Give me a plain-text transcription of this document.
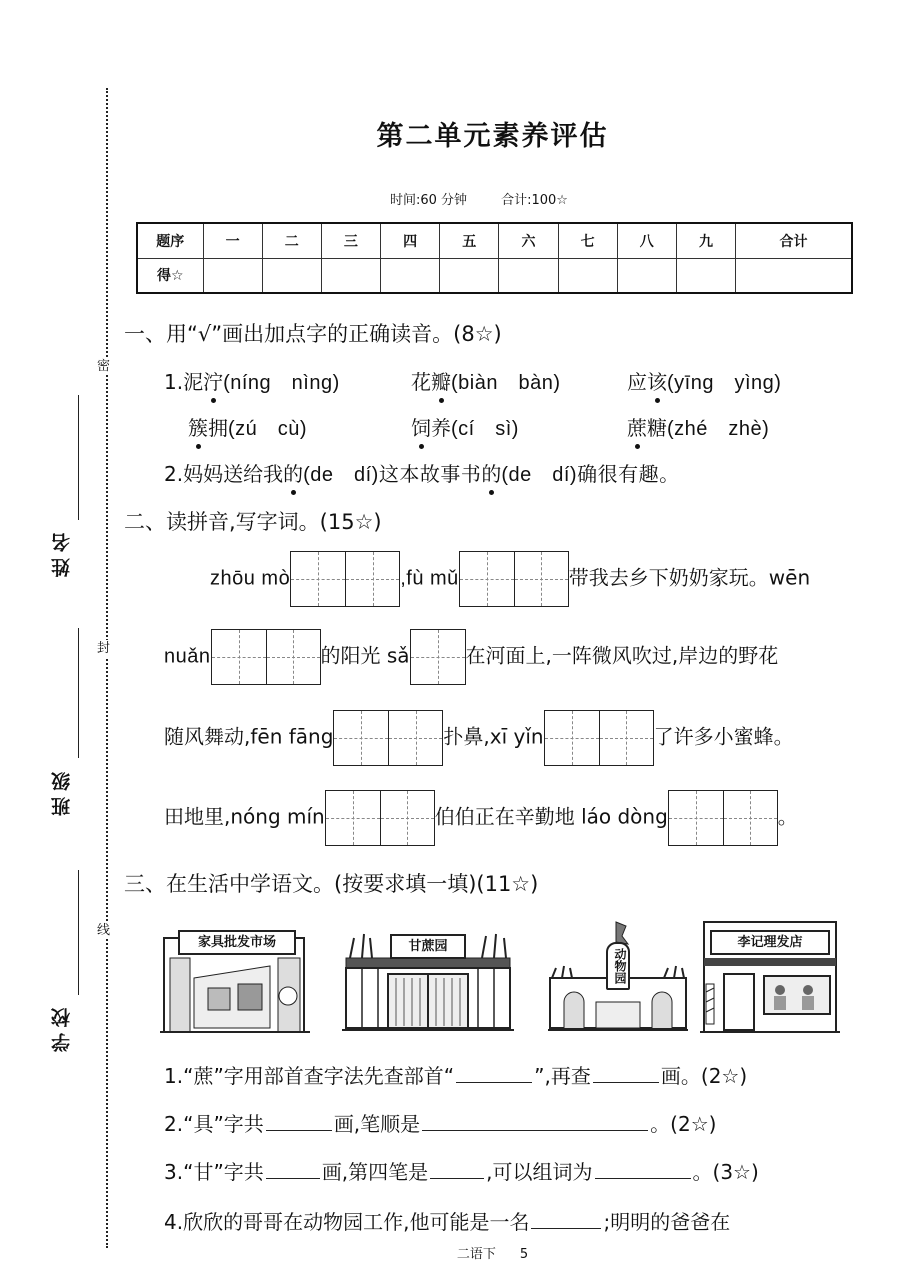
密
封
线
姓名
班级
学校
第二单元素养评估
时间:60 分钟	合计:100☆
题序	一	二	三	四	五	六	七	八	九	合计
得☆										
一、用“√”画出加点字的正确读音。(8☆)
1.泥泞(níng　nìng)	花瓣(biàn　bàn)	应该(yīng　yìng)
簇拥(zú　cù)	饲养(cí　sì)	蔗糖(zhé　zhè)
2.妈妈送给我的(de　dí)这本故事书的(de　dí)确很有趣。
二、读拼音,写字词。(15☆)
zhōu mò	,fù mǔ	带我去乡下奶奶家玩。wēn
nuǎn	的阳光 sǎ	在河面上,一阵微风吹过,岸边的野花
随风舞动,fēn fāng	扑鼻,xī yǐn	了许多小蜜蜂。
田地里,nóng mín	伯伯正在辛勤地 láo dòng	。
三、在生活中学语文。(按要求填一填)(11☆)
家具批发市场	甘蔗园
动物园
李记理发店
1.“蔗”字用部首查字法先查部首“	”,再查	画。(2☆)
2.“具”字共	画,笔顺是	。(2☆)
3.“甘”字共	画,第四笔是	,可以组词为	。(3☆)
4.欣欣的哥哥在动物园工作,他可能是一名	;明明的爸爸在
二语下 5
